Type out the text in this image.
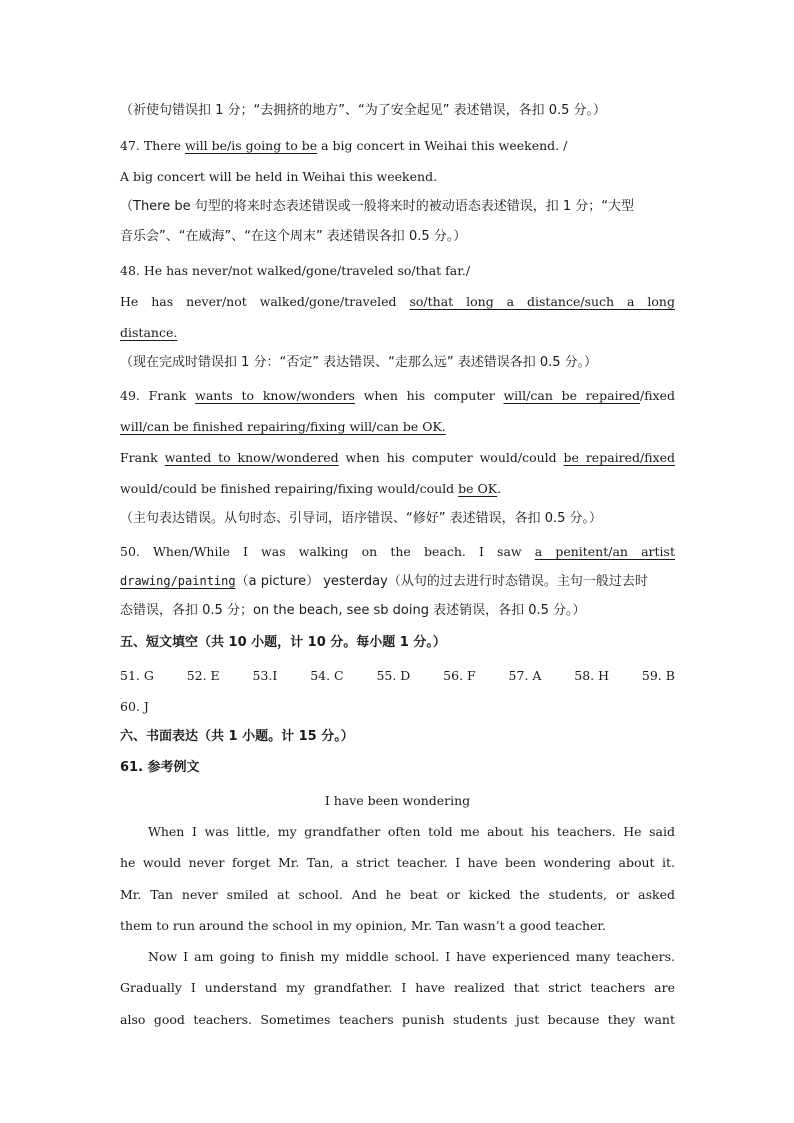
（祈使句错误扣 1 分；“去拥挤的地方”、“为了安全起见” 表述错误，各扣 0.5 分。）
47. There will be/is going to be a big concert in Weihai this weekend. /
A big concert will be held in Weihai this weekend.
（There be 句型的将来时态表述错误或一般将来时的被动语态表述错误，扣 1 分；“大型
音乐会”、“在威海”、“在这个周末” 表述错误各扣 0.5 分。）
48. He has never/not walked/gone/traveled so/that far./
He has never/not walked/gone/traveled so/that long a distance/such a long
distance.
（现在完成时错误扣 1 分：“否定” 表达错误、“走那么远” 表述错误各扣 0.5 分。）
49. Frank wants to know/wonders when his computer will/can be repaired/fixed
will/can be finished repairing/fixing will/can be OK.
Frank wanted to know/wondered when his computer would/could be repaired/fixed
would/could be finished repairing/fixing would/could be OK.
（主句表达错误。从句时态、引导词，语序错误、“修好” 表述错误，各扣 0.5 分。）
50. When/While I was walking on the beach. I saw a penitent/an artist
drawing/painting（a picture） yesterday（从句的过去进行时态错误。主句一般过去时
态错误，各扣 0.5 分；on the beach, see sb doing 表述销误，各扣 0.5 分。）
五、短文填空（共 10 小题，计 10 分。每小题 1 分。）
51. G	52. E	53.I	54. C	55. D	56. F	57. A	58. H	59. B
60. J
六、书面表达（共 1 小题。计 15 分。）
61. 参考例文
I have been wondering
When I was little, my grandfather often told me about his teachers. He said
he would never forget Mr. Tan, a strict teacher. I have been wondering about it.
Mr. Tan never smiled at school. And he beat or kicked the students, or asked
them to run around the school in my opinion, Mr. Tan wasn’t a good teacher.
Now I am going to finish my middle school. I have experienced many teachers.
Gradually I understand my grandfather. I have realized that strict teachers are
also good teachers. Sometimes teachers punish students just because they want
